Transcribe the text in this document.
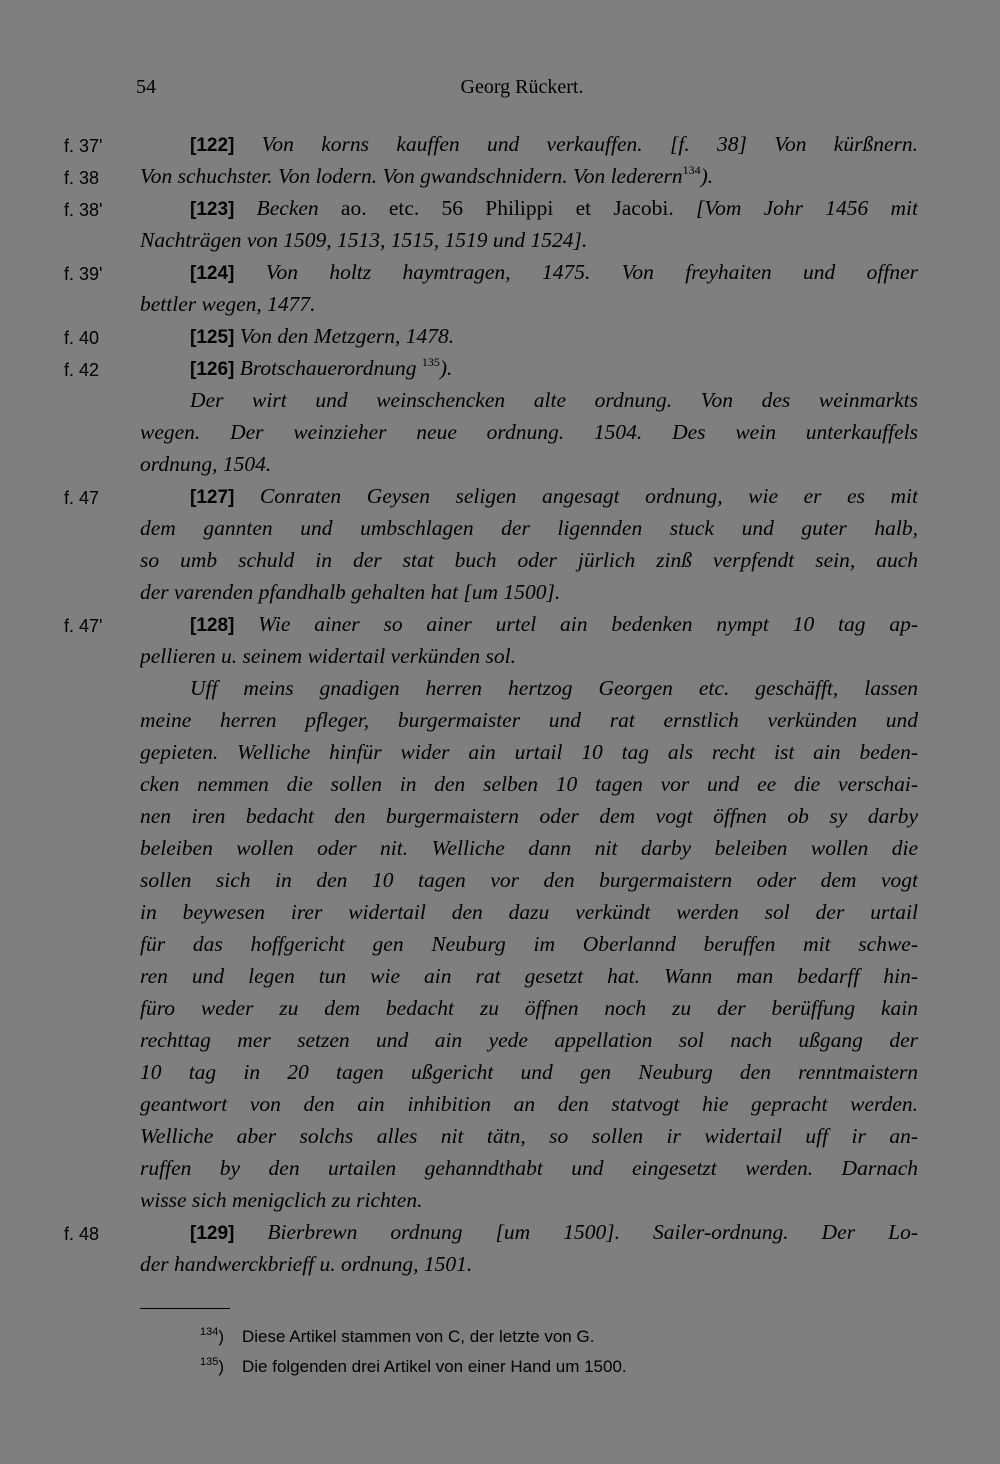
54	Georg Rückert.
f. 37'	[122] Von korns kauffen und verkauffen. [f. 38] Von kürßnern.
f. 38 Von schuchster. Von lodern. Von gwandschnidern. Von lederern$^{134}$).
f. 38'	[123] Becken ao. etc. 56 Philippi et Jacobi. [Vom Johr 1456 mit
Nachträgen von 1509, 1513, 1515, 1519 und 1524].
f. 39'	[124] Von holtz haymtragen, 1475. Von freyhaiten und offner
bettler wegen, 1477.
f. 40	[125] Von den Metzgern, 1478.
f. 42	[126] Brotschauerordnung $^{135}$).
Der wirt und weinschencken alte ordnung. Von des weinmarkts
wegen. Der weinzieher neue ordnung. 1504. Des wein unterkauffels
ordnung, 1504.
f. 47	[127] Conraten Geysen seligen angesagt ordnung, wie er es mit
dem gannten und umbschlagen der ligennden stuck und guter halb,
so umb schuld in der stat buch oder jürlich zinß verpfendt sein, auch
der varenden pfandhalb gehalten hat [um 1500].
f. 47'	[128] Wie ainer so ainer urtel ain bedenken nympt 10 tag ap-
pellieren u. seinem widertail verkünden sol.
Uff meins gnadigen herren hertzog Georgen etc. geschäfft, lassen
meine herren pfleger, burgermaister und rat ernstlich verkünden und
gepieten. Welliche hinfür wider ain urtail 10 tag als recht ist ain beden-
cken nemmen die sollen in den selben 10 tagen vor und ee die verschai-
nen iren bedacht den burgermaistern oder dem vogt öffnen ob sy darby
beleiben wollen oder nit. Welliche dann nit darby beleiben wollen die
sollen sich in den 10 tagen vor den burgermaistern oder dem vogt
in beywesen irer widertail den dazu verkündt werden sol der urtail
für das hoffgericht gen Neuburg im Oberlannd beruffen mit schwe-
ren und legen tun wie ain rat gesetzt hat. Wann man bedarff hin-
füro weder zu dem bedacht zu öffnen noch zu der berüffung kain
rechttag mer setzen und ain yede appellation sol nach ußgang der
10 tag in 20 tagen ußgericht und gen Neuburg den renntmaistern
geantwort von den ain inhibition an den statvogt hie gepracht werden.
Welliche aber solchs alles nit tätn, so sollen ir widertail uff ir an-
ruffen by den urtailen gehanndthabt und eingesetzt werden. Darnach
wisse sich menigclich zu richten.
f. 48	[129] Bierbrewn ordnung [um 1500]. Sailer-ordnung. Der Lo-
der handwerckbrieff u. ordnung, 1501.
$^{134}$) Diese Artikel stammen von C, der letzte von G.
$^{135}$) Die folgenden drei Artikel von einer Hand um 1500.
